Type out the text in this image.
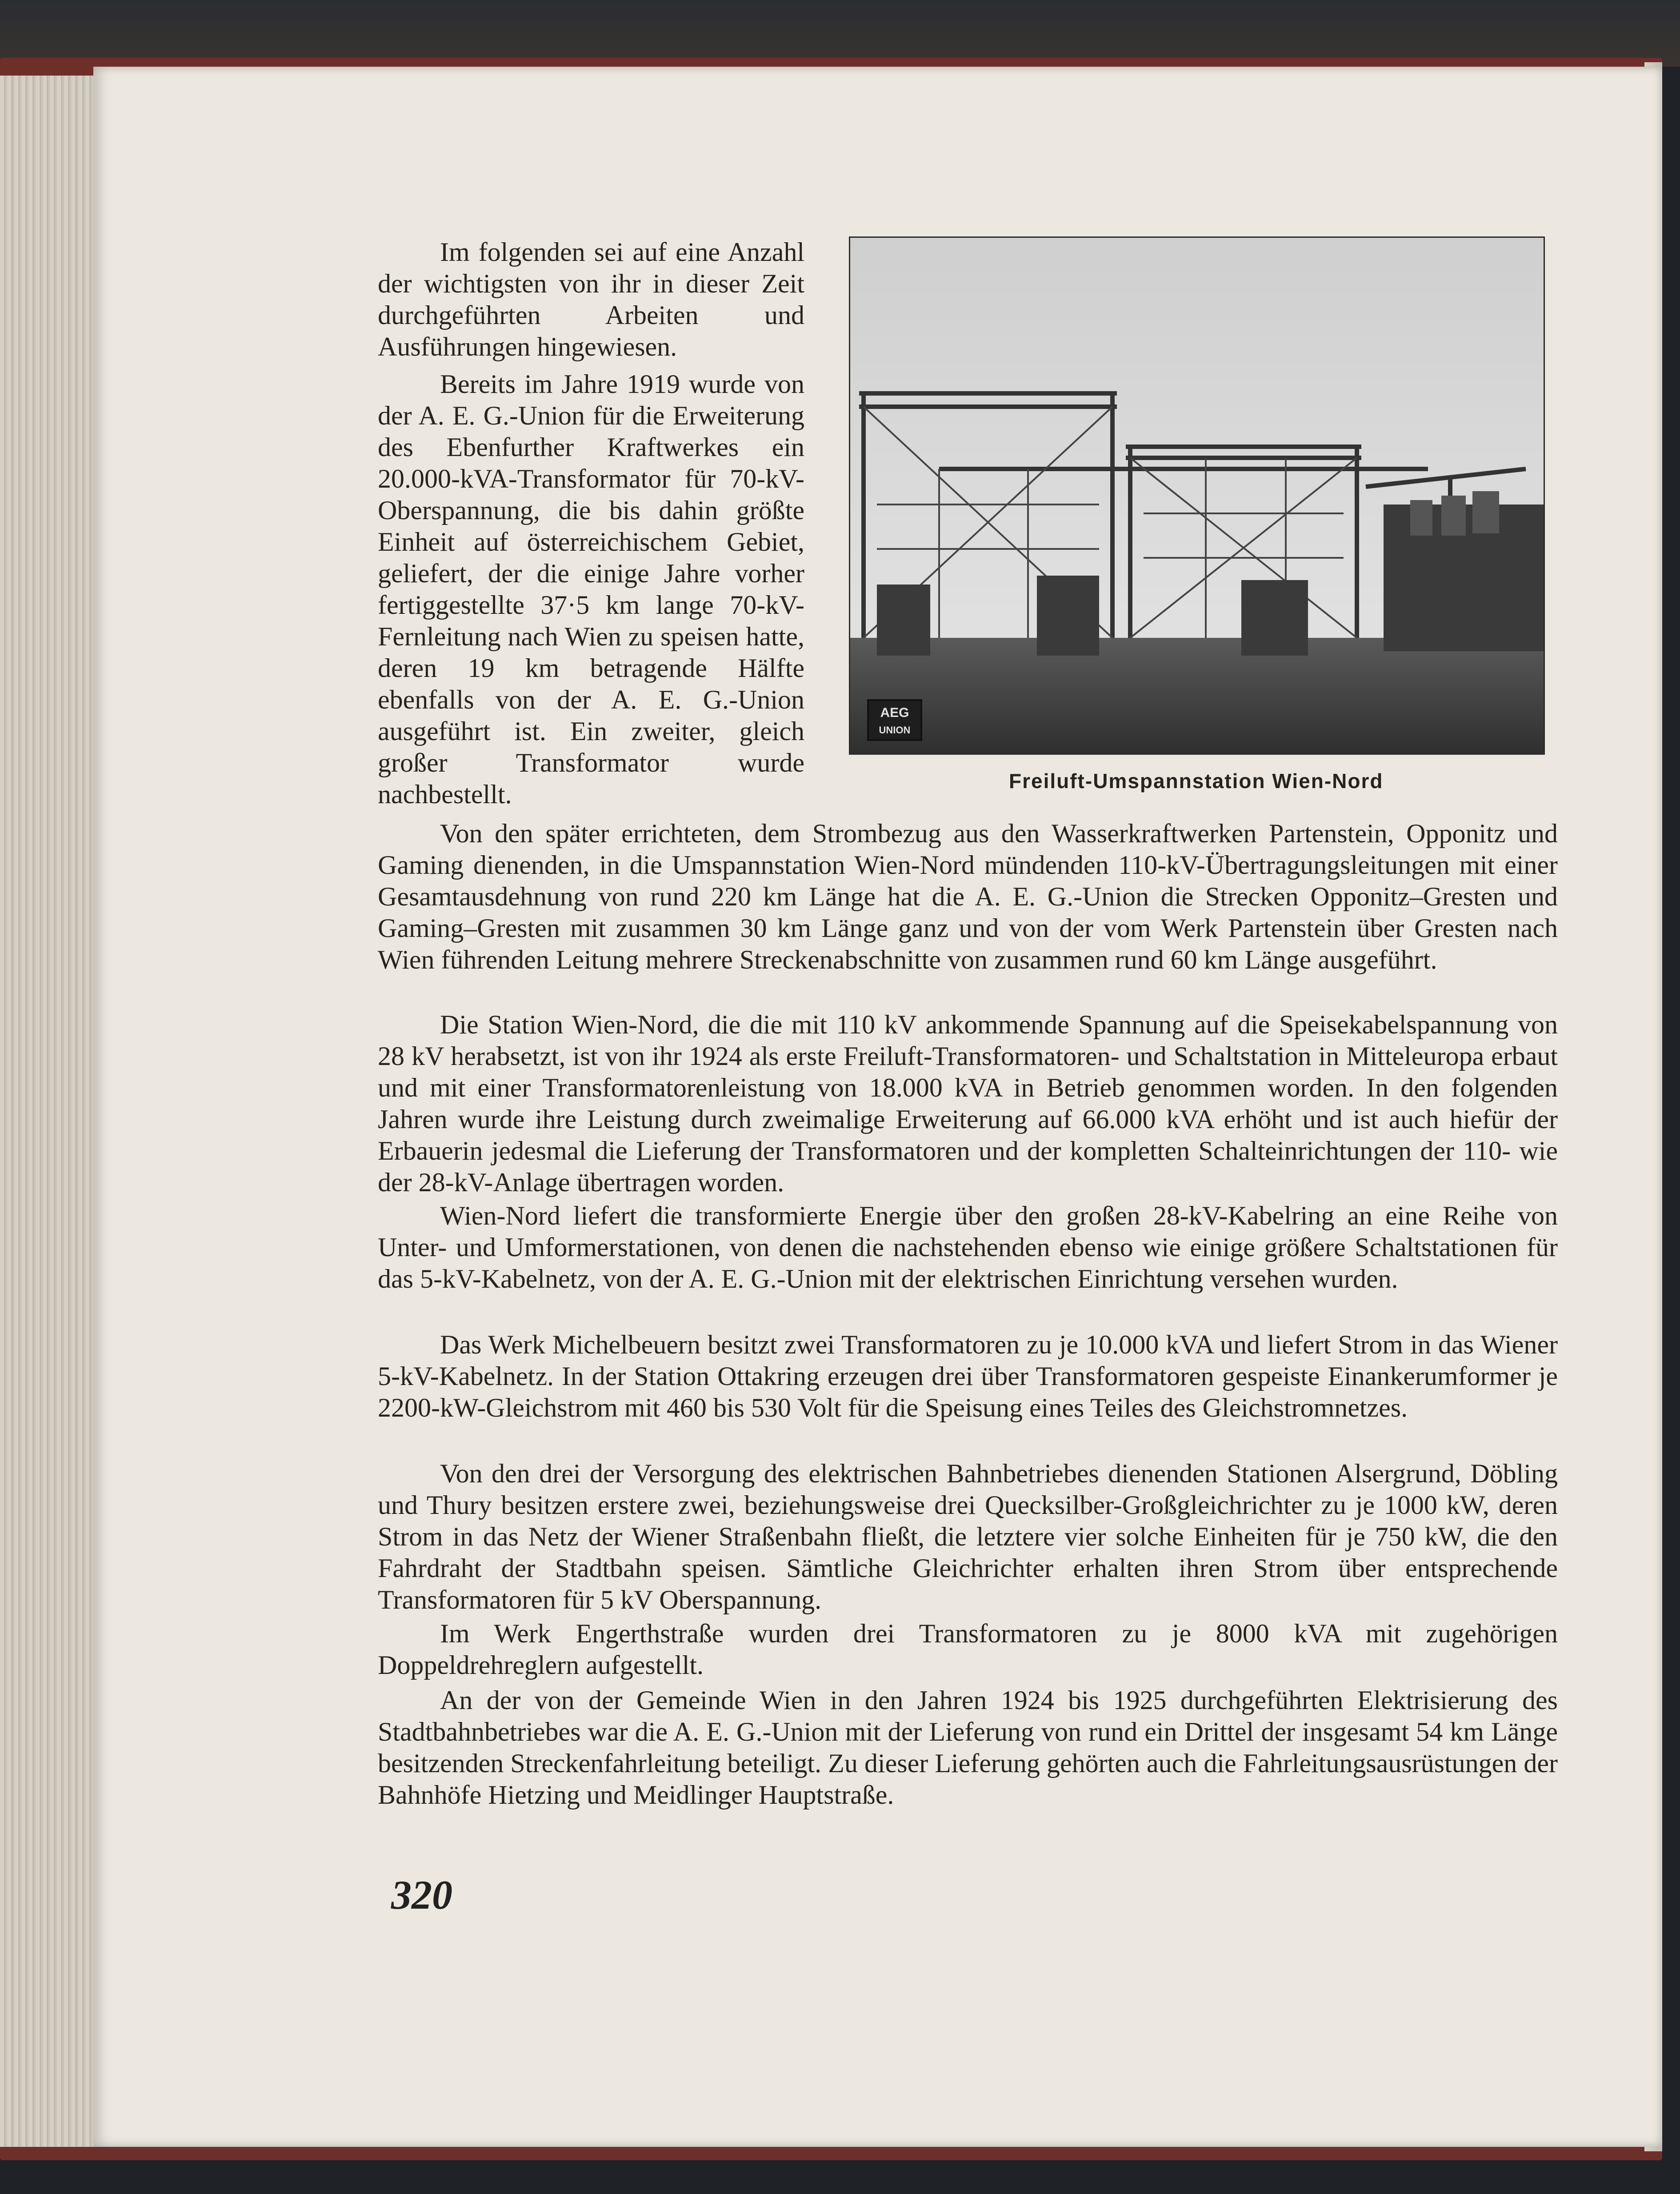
Im folgenden sei auf eine Anzahl der wichtigsten von ihr in dieser Zeit durchgeführten Arbeiten und Ausführungen hingewiesen.

Bereits im Jahre 1919 wurde von der A. E. G.-Union für die Erweiterung des Ebenfurther Kraftwerkes ein 20.000-kVA-Transformator für 70-kV-Oberspannung, die bis dahin größte Einheit auf österreichischem Gebiet, geliefert, der die einige Jahre vorher fertiggestellte 37·5 km lange 70-kV-Fernleitung nach Wien zu speisen hatte, deren 19 km betragende Hälfte ebenfalls von der A. E. G.-Union ausgeführt ist. Ein zweiter, gleich großer Transformator wurde nachbestellt.

AEG
UNION
Freiluft-Umspannstation Wien-Nord

Von den später errichteten, dem Strombezug aus den Wasserkraftwerken Partenstein, Opponitz und Gaming dienenden, in die Umspannstation Wien-Nord mündenden 110-kV-Übertragungsleitungen mit einer Gesamtausdehnung von rund 220 km Länge hat die A. E. G.-Union die Strecken Opponitz–Gresten und Gaming–Gresten mit zusammen 30 km Länge ganz und von der vom Werk Partenstein über Gresten nach Wien führenden Leitung mehrere Streckenabschnitte von zusammen rund 60 km Länge ausgeführt.

Die Station Wien-Nord, die die mit 110 kV ankommende Spannung auf die Speisekabelspannung von 28 kV herabsetzt, ist von ihr 1924 als erste Freiluft-Transformatoren- und Schaltstation in Mitteleuropa erbaut und mit einer Transformatorenleistung von 18.000 kVA in Betrieb genommen worden. In den folgenden Jahren wurde ihre Leistung durch zweimalige Erweiterung auf 66.000 kVA erhöht und ist auch hiefür der Erbauerin jedesmal die Lieferung der Transformatoren und der kompletten Schalteinrichtungen der 110- wie der 28-kV-Anlage übertragen worden.

Wien-Nord liefert die transformierte Energie über den großen 28-kV-Kabelring an eine Reihe von Unter- und Umformerstationen, von denen die nachstehenden ebenso wie einige größere Schaltstationen für das 5-kV-Kabelnetz, von der A. E. G.-Union mit der elektrischen Einrichtung versehen wurden.

Das Werk Michelbeuern besitzt zwei Transformatoren zu je 10.000 kVA und liefert Strom in das Wiener 5-kV-Kabelnetz. In der Station Ottakring erzeugen drei über Transformatoren gespeiste Einankerumformer je 2200-kW-Gleichstrom mit 460 bis 530 Volt für die Speisung eines Teiles des Gleichstromnetzes.

Von den drei der Versorgung des elektrischen Bahnbetriebes dienenden Stationen Alsergrund, Döbling und Thury besitzen erstere zwei, beziehungsweise drei Quecksilber-Großgleichrichter zu je 1000 kW, deren Strom in das Netz der Wiener Straßenbahn fließt, die letztere vier solche Einheiten für je 750 kW, die den Fahrdraht der Stadtbahn speisen. Sämtliche Gleichrichter erhalten ihren Strom über entsprechende Transformatoren für 5 kV Oberspannung.

Im Werk Engerthstraße wurden drei Transformatoren zu je 8000 kVA mit zugehörigen Doppeldrehreglern aufgestellt.

An der von der Gemeinde Wien in den Jahren 1924 bis 1925 durchgeführten Elektrisierung des Stadtbahnbetriebes war die A. E. G.-Union mit der Lieferung von rund ein Drittel der insgesamt 54 km Länge besitzenden Streckenfahrleitung beteiligt. Zu dieser Lieferung gehörten auch die Fahrleitungsausrüstungen der Bahnhöfe Hietzing und Meidlinger Hauptstraße.

320
